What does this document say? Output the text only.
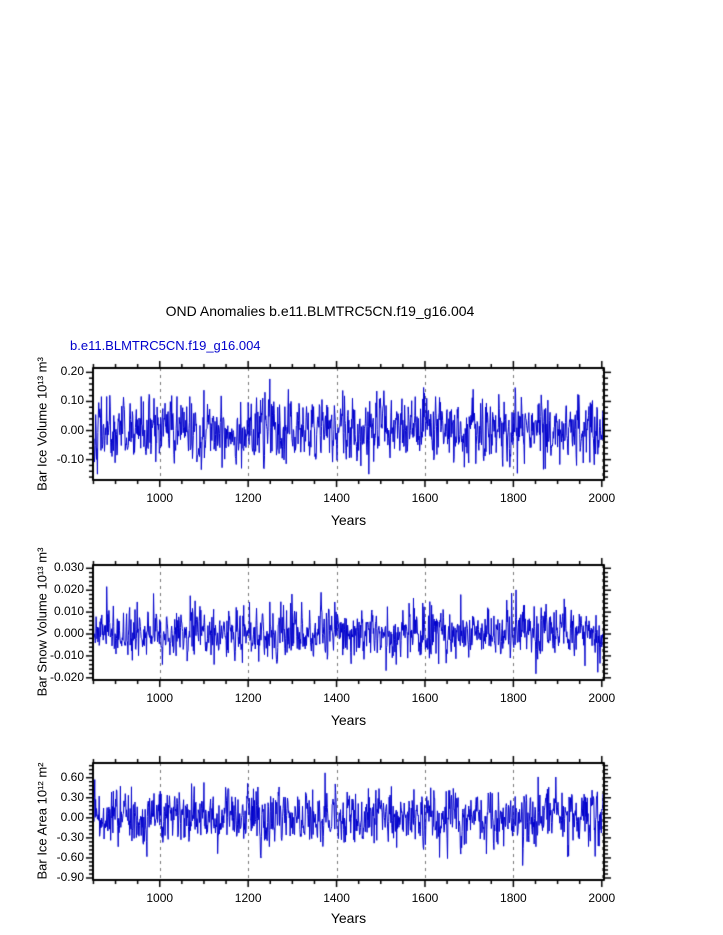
OND Anomalies b.e11.BLMTRC5CN.f19_g16.004
b.e11.BLMTRC5CN.f19_g16.004
Bar Ice Volume 10¹³ m³
Bar Snow Volume 10¹³ m³
Bar Ice Area 10¹² m²
Years
Years
Years
1000	1200	1400	1600	1800	2000
0.20
0.10
0.00
-0.10
1000	1200	1400	1600	1800	2000
0.030
0.020
0.010
0.000
-0.010
-0.020
1000	1200	1400	1600	1800	2000
0.60
0.30
0.00
-0.30
-0.60
-0.90
